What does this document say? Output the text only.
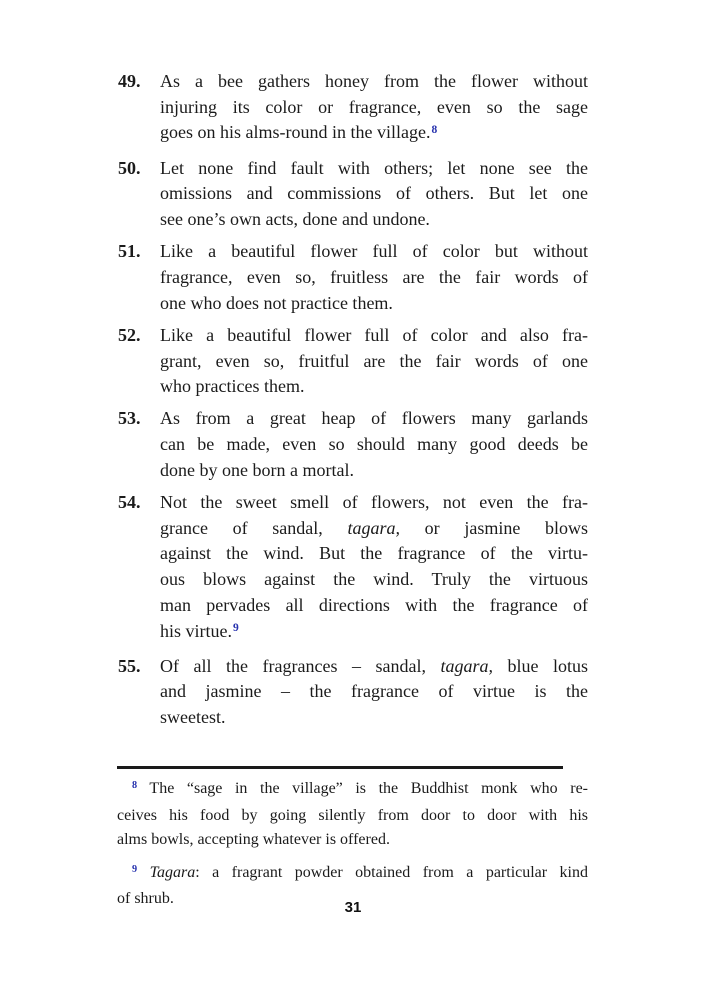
49.	As a bee gathers honey from the flower without
injuring its color or fragrance, even so the sage
goes on his alms-round in the village.$^8$
50.	Let none find fault with others; let none see the
omissions and commissions of others. But let one
see one’s own acts, done and undone.
51.	Like a beautiful flower full of color but without
fragrance, even so, fruitless are the fair words of
one who does not practice them.
52.	Like a beautiful flower full of color and also fra-
grant, even so, fruitful are the fair words of one
who practices them.
53.	As from a great heap of flowers many garlands
can be made, even so should many good deeds be
done by one born a mortal.
54.	Not the sweet smell of flowers, not even the fra-
grance of sandal, tagara, or jasmine blows
against the wind. But the fragrance of the virtu-
ous blows against the wind. Truly the virtuous
man pervades all directions with the fragrance of
his virtue.$^9$
55.	Of all the fragrances – sandal, tagara, blue lotus
and jasmine – the fragrance of virtue is the
sweetest.
$^8$ The “sage in the village” is the Buddhist monk who re-
ceives his food by going silently from door to door with his
alms bowls, accepting whatever is offered.
$^9$ Tagara: a fragrant powder obtained from a particular kind
of shrub.
31
